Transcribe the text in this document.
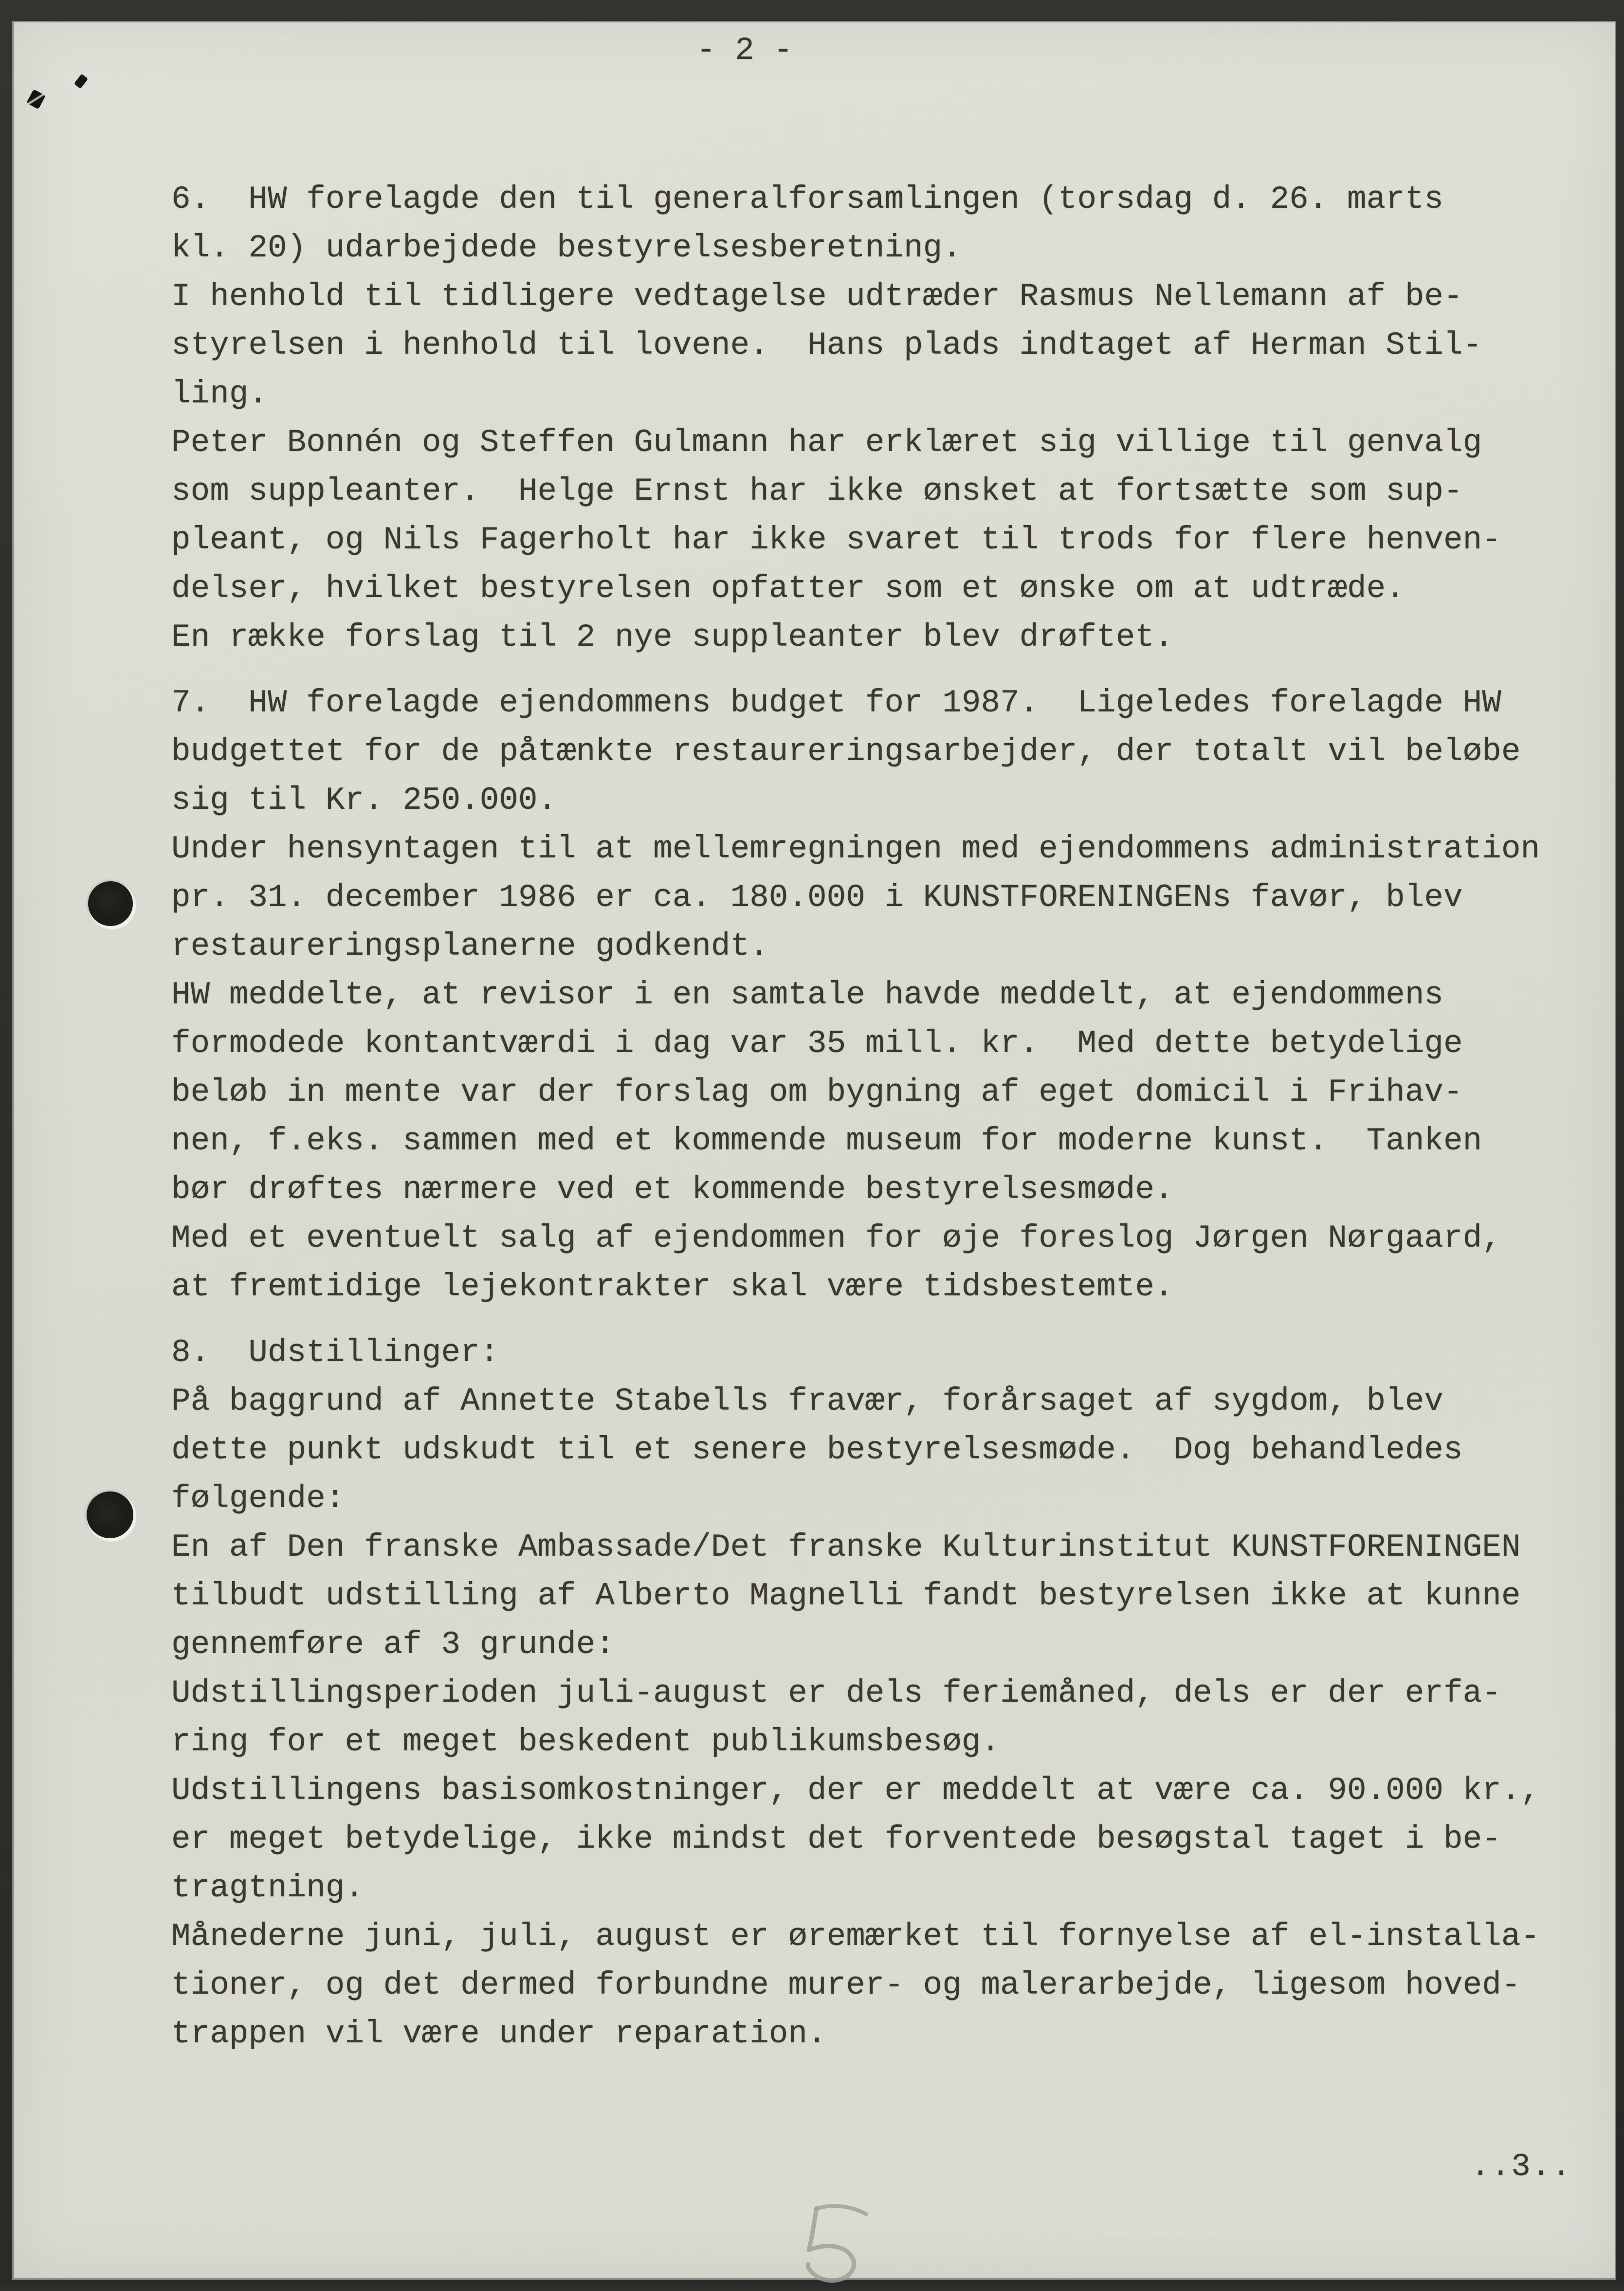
- 2 -
6.  HW forelagde den til generalforsamlingen (torsdag d. 26. marts
kl. 20) udarbejdede bestyrelsesberetning.
I henhold til tidligere vedtagelse udtræder Rasmus Nellemann af be-
styrelsen i henhold til lovene.  Hans plads indtaget af Herman Stil-
ling.
Peter Bonnén og Steffen Gulmann har erklæret sig villige til genvalg
som suppleanter.  Helge Ernst har ikke ønsket at fortsætte som sup-
pleant, og Nils Fagerholt har ikke svaret til trods for flere henven-
delser, hvilket bestyrelsen opfatter som et ønske om at udtræde.
En række forslag til 2 nye suppleanter blev drøftet.
7.  HW forelagde ejendommens budget for 1987.  Ligeledes forelagde HW
budgettet for de påtænkte restaureringsarbejder, der totalt vil beløbe
sig til Kr. 250.000.
Under hensyntagen til at mellemregningen med ejendommens administration
pr. 31. december 1986 er ca. 180.000 i KUNSTFORENINGENs favør, blev
restaureringsplanerne godkendt.
HW meddelte, at revisor i en samtale havde meddelt, at ejendommens
formodede kontantværdi i dag var 35 mill. kr.  Med dette betydelige
beløb in mente var der forslag om bygning af eget domicil i Frihav-
nen, f.eks. sammen med et kommende museum for moderne kunst.  Tanken
bør drøftes nærmere ved et kommende bestyrelsesmøde.
Med et eventuelt salg af ejendommen for øje foreslog Jørgen Nørgaard,
at fremtidige lejekontrakter skal være tidsbestemte.
8.  Udstillinger:
På baggrund af Annette Stabells fravær, forårsaget af sygdom, blev
dette punkt udskudt til et senere bestyrelsesmøde.  Dog behandledes
følgende:
En af Den franske Ambassade/Det franske Kulturinstitut KUNSTFORENINGEN
tilbudt udstilling af Alberto Magnelli fandt bestyrelsen ikke at kunne
gennemføre af 3 grunde:
Udstillingsperioden juli-august er dels feriemåned, dels er der erfa-
ring for et meget beskedent publikumsbesøg.
Udstillingens basisomkostninger, der er meddelt at være ca. 90.000 kr.,
er meget betydelige, ikke mindst det forventede besøgstal taget i be-
tragtning.
Månederne juni, juli, august er øremærket til fornyelse af el-installa-
tioner, og det dermed forbundne murer- og malerarbejde, ligesom hoved-
trappen vil være under reparation.
..3..
